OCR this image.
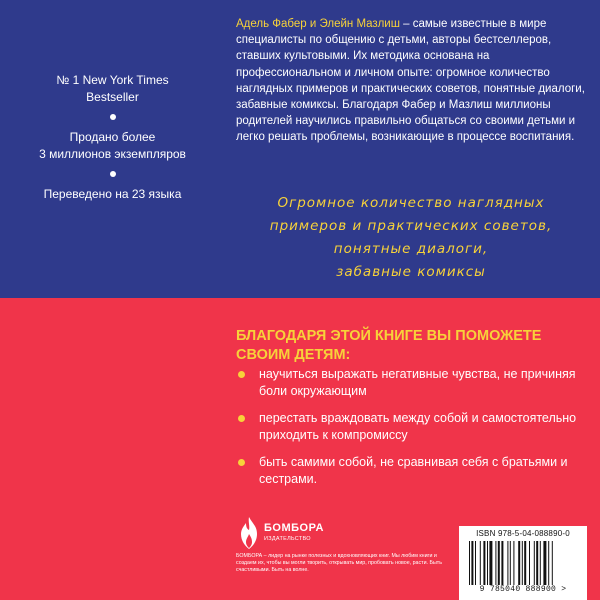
№ 1 New York Times
Bestseller
Продано более
3 миллионов экземпляров
Переведено на 23 языка
Адель Фабер и Элейн Мазлиш – самые известные в мире специалисты по общению с детьми, авторы бестселлеров, ставших культовыми. Их методика основана на профессиональном и личном опыте: огромное количество наглядных примеров и практических советов, понятные диалоги, забавные комиксы. Благодаря Фабер и Мазлиш миллионы родителей научились правильно общаться со своими детьми и легко решать проблемы, возникающие в процессе воспитания.
Огромное количество наглядных
примеров и практических советов,
понятные диалоги,
забавные комиксы
БЛАГОДАРЯ ЭТОЙ КНИГЕ ВЫ ПОМОЖЕТЕ СВОИМ ДЕТЯМ:
научиться выражать негативные чувства, не причиняя боли окружающим
перестать враждовать между собой и самостоятельно приходить к компромиссу
быть самими собой, не сравнивая себя с братьями и сестрами.
БОМБОРА
ИЗДАТЕЛЬСТВО
БОМБОРА – лидер на рынке полезных и вдохновляющих книг. Мы любим книги и создаем их, чтобы вы могли творить, открывать мир, пробовать новое, расти. Быть счастливыми. Быть на волне.
ISBN 978-5-04-088890-0
9 785040 888900 >
